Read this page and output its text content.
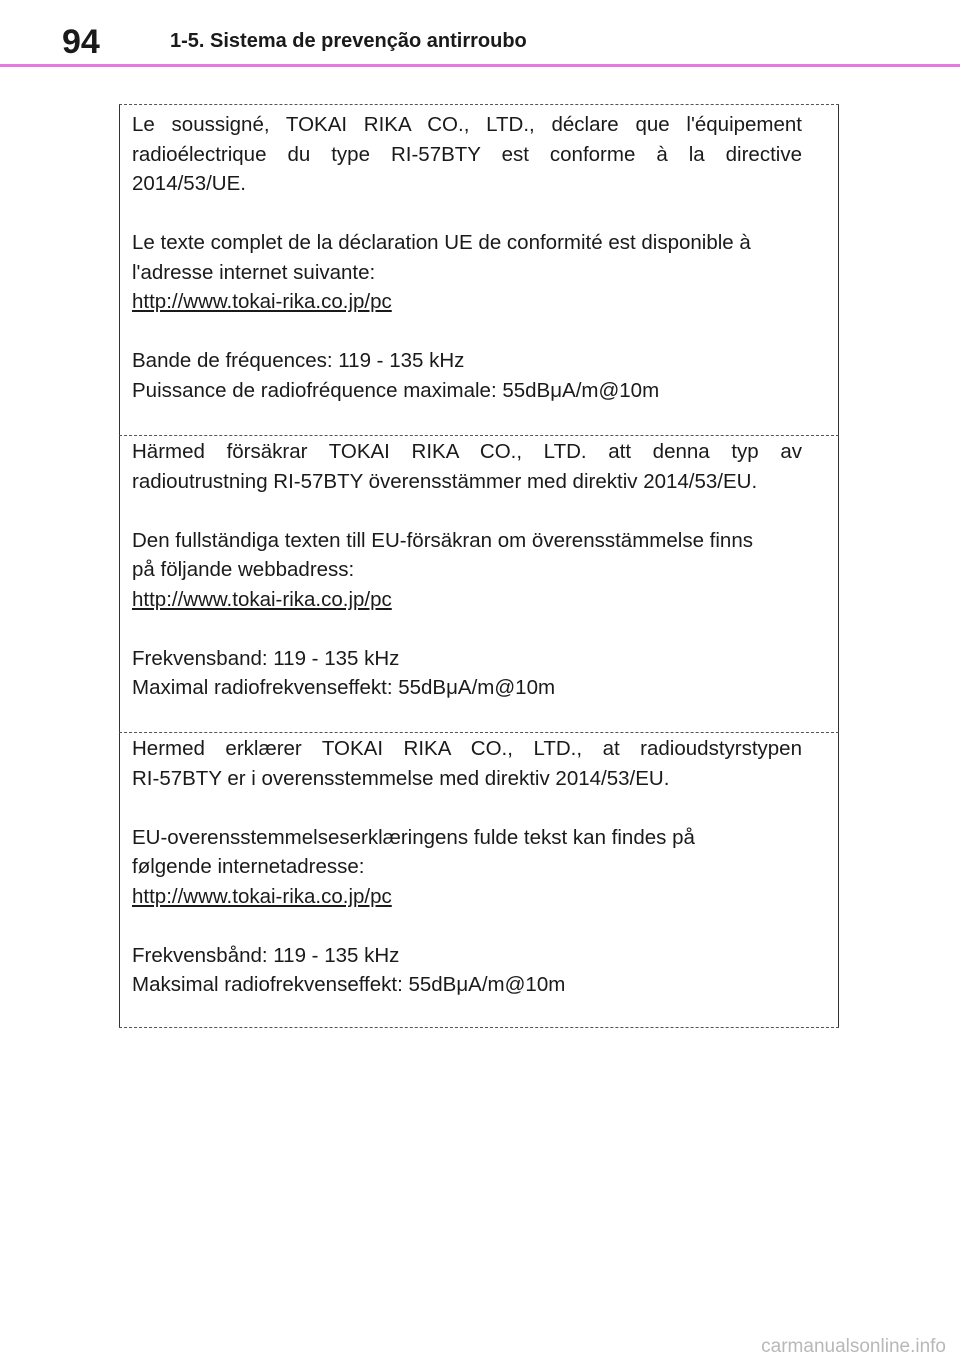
94	1-5. Sistema de prevenção antirroubo

Le soussigné, TOKAI RIKA CO., LTD., déclare que l'équipement

radioélectrique du type RI-57BTY est conforme à la directive

2014/53/UE.

Le texte complet de la déclaration UE de conformité est disponible à

l'adresse internet suivante:

http://www.tokai-rika.co.jp/pc

Bande de fréquences: 119 - 135 kHz

Puissance de radiofréquence maximale: 55dBμA/m@10m

Härmed försäkrar TOKAI RIKA CO., LTD. att denna typ av

radioutrustning RI-57BTY överensstämmer med direktiv 2014/53/EU.

Den fullständiga texten till EU-försäkran om överensstämmelse finns

på följande webbadress:

http://www.tokai-rika.co.jp/pc

Frekvensband: 119 - 135 kHz

Maximal radiofrekvenseffekt: 55dBμA/m@10m

Hermed erklærer TOKAI RIKA CO., LTD., at radioudstyrstypen

RI-57BTY er i overensstemmelse med direktiv 2014/53/EU.

EU-overensstemmelseserklæringens fulde tekst kan findes på

følgende internetadresse:

http://www.tokai-rika.co.jp/pc

Frekvensbånd: 119 - 135 kHz

Maksimal radiofrekvenseffekt: 55dBμA/m@10m

carmanualsonline.info
